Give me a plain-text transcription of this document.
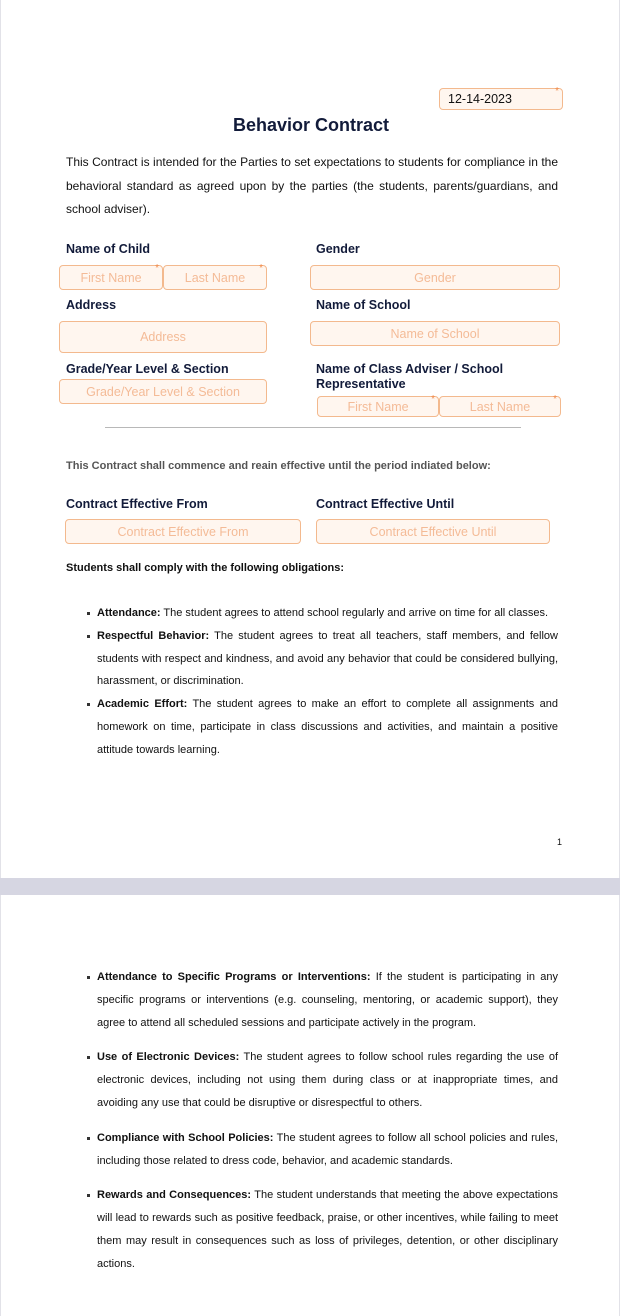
12-14-2023
*
Behavior Contract
This Contract is intended for the Parties to set expectations to students for compliance in the behavioral standard as agreed upon by the parties (the students, parents/guardians, and school adviser).
Name of Child
First Name
*
Last Name
*
Gender
Gender
Address
Address
Name of School
Name of School
Grade/Year Level & Section
Grade/Year Level & Section
Name of Class Adviser / School Representative
First Name *	Last Name *
This Contract shall commence and reain effective until the period indiated below:
Contract Effective From
Contract Effective From
Contract Effective Until
Contract Effective Until
Students shall comply with the following obligations:
Attendance: The student agrees to attend school regularly and arrive on time for all classes.
Respectful Behavior: The student agrees to treat all teachers, staff members, and fellow students with respect and kindness, and avoid any behavior that could be considered bullying, harassment, or discrimination.
Academic Effort: The student agrees to make an effort to complete all assignments and homework on time, participate in class discussions and activities, and maintain a positive attitude towards learning.
1
Attendance to Specific Programs or Interventions: If the student is participating in any specific programs or interventions (e.g. counseling, mentoring, or academic support), they agree to attend all scheduled sessions and participate actively in the program.
Use of Electronic Devices: The student agrees to follow school rules regarding the use of electronic devices, including not using them during class or at inappropriate times, and avoiding any use that could be disruptive or disrespectful to others.
Compliance with School Policies: The student agrees to follow all school policies and rules, including those related to dress code, behavior, and academic standards.
Rewards and Consequences: The student understands that meeting the above expectations will lead to rewards such as positive feedback, praise, or other incentives, while failing to meet them may result in consequences such as loss of privileges, detention, or other disciplinary actions.
